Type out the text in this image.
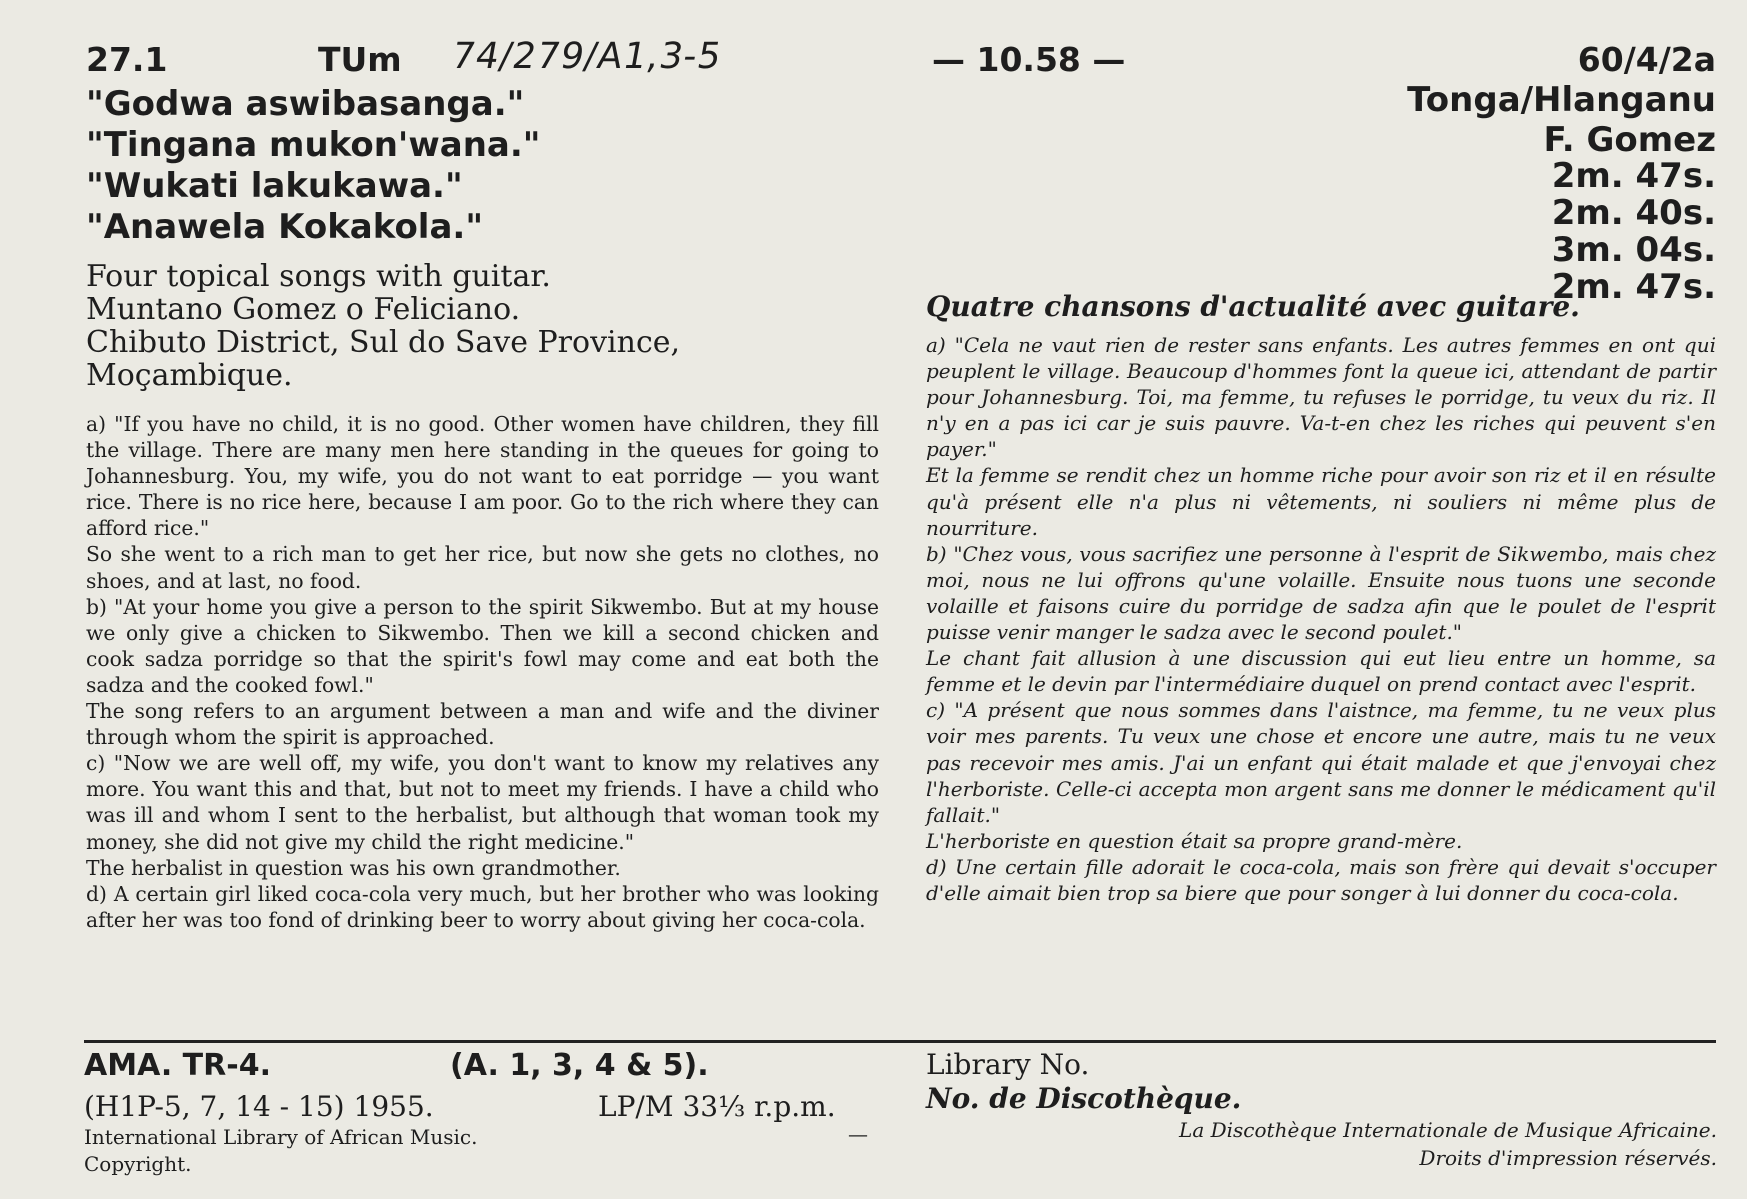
27.1	TUm 74/279/A1,3-5	— 10.58 —	60/4/2a
"Godwa aswibasanga."
"Tingana mukon'wana."
"Wukati lakukawa."
"Anawela Kokakola."
Tonga/Hlanganu
F. Gomez
2m. 47s.
2m. 40s.
3m. 04s.
2m. 47s.
Four topical songs with guitar.
Muntano Gomez o Feliciano.
Chibuto District, Sul do Save Province,
Moçambique.
Quatre chansons d'actualité avec guitare.

a) "If you have no child, it is no good. Other women have children, they fill the village. There are many men here standing in the queues for going to Johannesburg. You, my wife, you do not want to eat porridge — you want rice. There is no rice here, because I am poor. Go to the rich where they can afford rice."

So she went to a rich man to get her rice, but now she gets no clothes, no shoes, and at last, no food.

b) "At your home you give a person to the spirit Sikwembo. But at my house we only give a chicken to Sikwembo. Then we kill a second chicken and cook sadza porridge so that the spirit's fowl may come and eat both the sadza and the cooked fowl."

The song refers to an argument between a man and wife and the diviner through whom the spirit is approached.

c) "Now we are well off, my wife, you don't want to know my relatives any more. You want this and that, but not to meet my friends. I have a child who was ill and whom I sent to the herbalist, but although that woman took my money, she did not give my child the right medicine."

The herbalist in question was his own grandmother.

d) A certain girl liked coca-cola very much, but her brother who was looking after her was too fond of drinking beer to worry about giving her coca-cola.

a) "Cela ne vaut rien de rester sans enfants. Les autres femmes en ont qui peuplent le village. Beaucoup d'hommes font la queue ici, attendant de partir pour Johannesburg. Toi, ma femme, tu refuses le porridge, tu veux du riz. Il n'y en a pas ici car je suis pauvre. Va-t-en chez les riches qui peuvent s'en payer."

Et la femme se rendit chez un homme riche pour avoir son riz et il en résulte qu'à présent elle n'a plus ni vêtements, ni souliers ni même plus de nourriture.

b) "Chez vous, vous sacrifiez une personne à l'esprit de Sikwembo, mais chez moi, nous ne lui offrons qu'une volaille. Ensuite nous tuons une seconde volaille et faisons cuire du porridge de sadza afin que le poulet de l'esprit puisse venir manger le sadza avec le second poulet."

Le chant fait allusion à une discussion qui eut lieu entre un homme, sa femme et le devin par l'intermédiaire duquel on prend contact avec l'esprit.

c) "A présent que nous sommes dans l'aistnce, ma femme, tu ne veux plus voir mes parents. Tu veux une chose et encore une autre, mais tu ne veux pas recevoir mes amis. J'ai un enfant qui était malade et que j'envoyai chez l'herboriste. Celle-ci accepta mon argent sans me donner le médicament qu'il fallait."

L'herboriste en question était sa propre grand-mère.

d) Une certain fille adorait le coca-cola, mais son frère qui devait s'occuper d'elle aimait bien trop sa biere que pour songer à lui donner du coca-cola.

AMA. TR-4.	(A. 1, 3, 4 & 5).
(H1P-5, 7, 14 - 15) 1955.	LP/M 33⅓ r.p.m.
International Library of African Music.	—
Copyright.
Library No.
No. de Discothèque.
La Discothèque Internationale de Musique Africaine.
Droits d'impression réservés.
